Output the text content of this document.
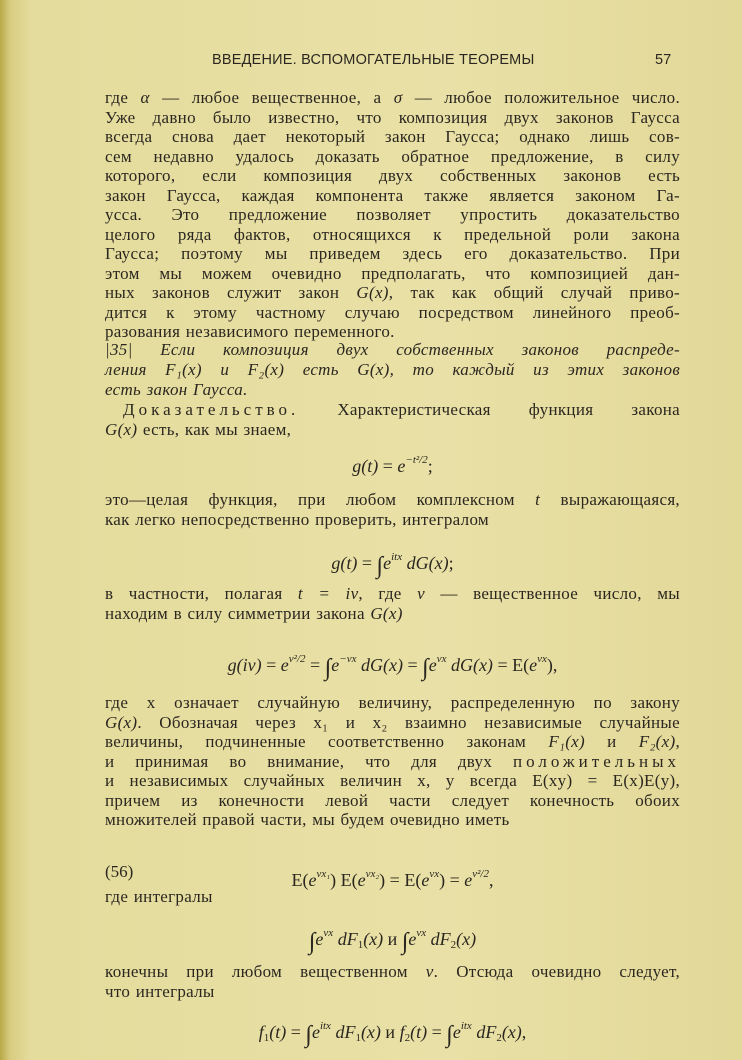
ВВЕДЕНИЕ. ВСПОМОГАТЕЛЬНЫЕ ТЕОРЕМЫ	57
где α — любое вещественное, а σ — любое положительное число.
Уже давно было известно, что композиция двух законов Гаусса
всегда снова дает некоторый закон Гаусса; однако лишь сов-
сем недавно удалось доказать обратное предложение, в силу
которого, если композиция двух собственных законов есть
закон Гаусса, каждая компонента также является законом Га-
усса. Это предложение позволяет упростить доказательство
целого ряда фактов, относящихся к предельной роли закона
Гаусса; поэтому мы приведем здесь его доказательство. При
этом мы можем очевидно предполагать, что композицией дан-
ных законов служит закон G(x), так как общий случай приво-
дится к этому частному случаю посредством линейного преоб-
разования независимого переменного.
|35| Если композиция двух собственных законов распреде-
ления F₁(x) и F₂(x) есть G(x), то каждый из этих законов
есть закон Гаусса.
Доказательство. Характеристическая функция закона
G(x) есть, как мы знаем,
$g(t) = e^{-t^2/2}$;
это—целая функция, при любом комплексном t выражающаяся,
как легко непосредственно проверить, интегралом
$g(t) = \int e^{itx}$ dG(x);
в частности, полагая t = iv, где v — вещественное число, мы
находим в силу симметрии закона G(x)
$g(iv) = e^{v^2/2} = \int e^{-vx}$ $dG(x) = \int e^{vx}$ $dG(x) = E(e^{vx})$,
где x означает случайную величину, распределенную по закону
G(x). Обозначая через x₁ и x₂ взаимно независимые случайные
величины, подчиненные соответственно законам F₁(x) и F₂(x),
и принимая во внимание, что для двух положительных
и независимых случайных величин x, y всегда E(xy) = E(x)E(y),
причем из конечности левой части следует конечность обоих
множителей правой части, мы будем очевидно иметь
$E(e^{vx_1}) E(e^{vx_2}) = E(e^{vx}) = e^{v^2/2}$,
(56)
где интегралы
$\int e^{vx}$ $dF_1(x)$ и $\int e^{vx}$ $dF_2(x)$
конечны при любом вещественном v. Отсюда очевидно следует,
что интегралы
$f_1(t) = \int e^{itx}$ $dF_1(x)$ и $f_2(t) = \int e^{itx}$ $dF_2(x)$,
